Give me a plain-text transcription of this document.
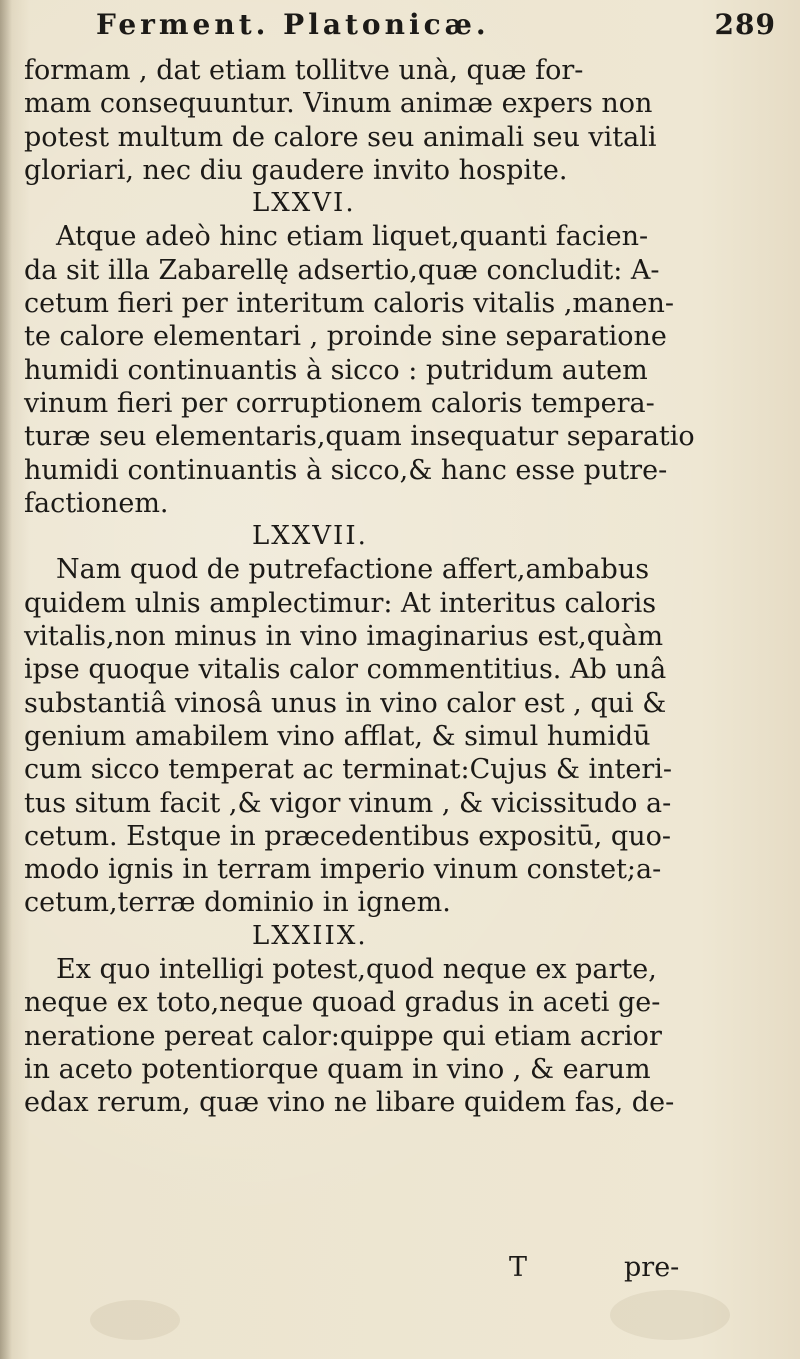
Ferment. Platonicæ.	289
formam , dat etiam tollitve unà, quæ for-
mam consequuntur. Vinum animæ expers non
potest multum de calore seu animali seu vitali
gloriari, nec diu gaudere invito hospite.
LXXVI.
Atque adeò hinc etiam liquet,quanti facien-
da sit illa Zabarellę adsertio,quæ concludit: A-
cetum fieri per interitum caloris vitalis ,manen-
te calore elementari , proinde sine separatione
humidi continuantis à sicco : putridum autem
vinum fieri per corruptionem caloris tempera-
turæ seu elementaris,quam insequatur separatio
humidi continuantis à sicco,& hanc esse putre-
factionem.
LXXVII.
Nam quod de putrefactione affert,ambabus
quidem ulnis amplectimur: At interitus caloris
vitalis,non minus in vino imaginarius est,quàm
ipse quoque vitalis calor commentitius. Ab unâ
substantiâ vinosâ unus in vino calor est , qui &
genium amabilem vino afflat, & simul humidū
cum sicco temperat ac terminat:Cujus & interi-
tus situm facit ,& vigor vinum , & vicissitudo a-
cetum. Estque in præcedentibus expositū, quo-
modo ignis in terram imperio vinum constet;a-
cetum,terræ dominio in ignem.
LXXIIX.
Ex quo intelligi potest,quod neque ex parte,
neque ex toto,neque quoad gradus in aceti ge-
neratione pereat calor:quippe qui etiam acrior
in aceto potentiorque quam in vino , & earum
edax rerum, quæ vino ne libare quidem fas, de-
T	pre-
